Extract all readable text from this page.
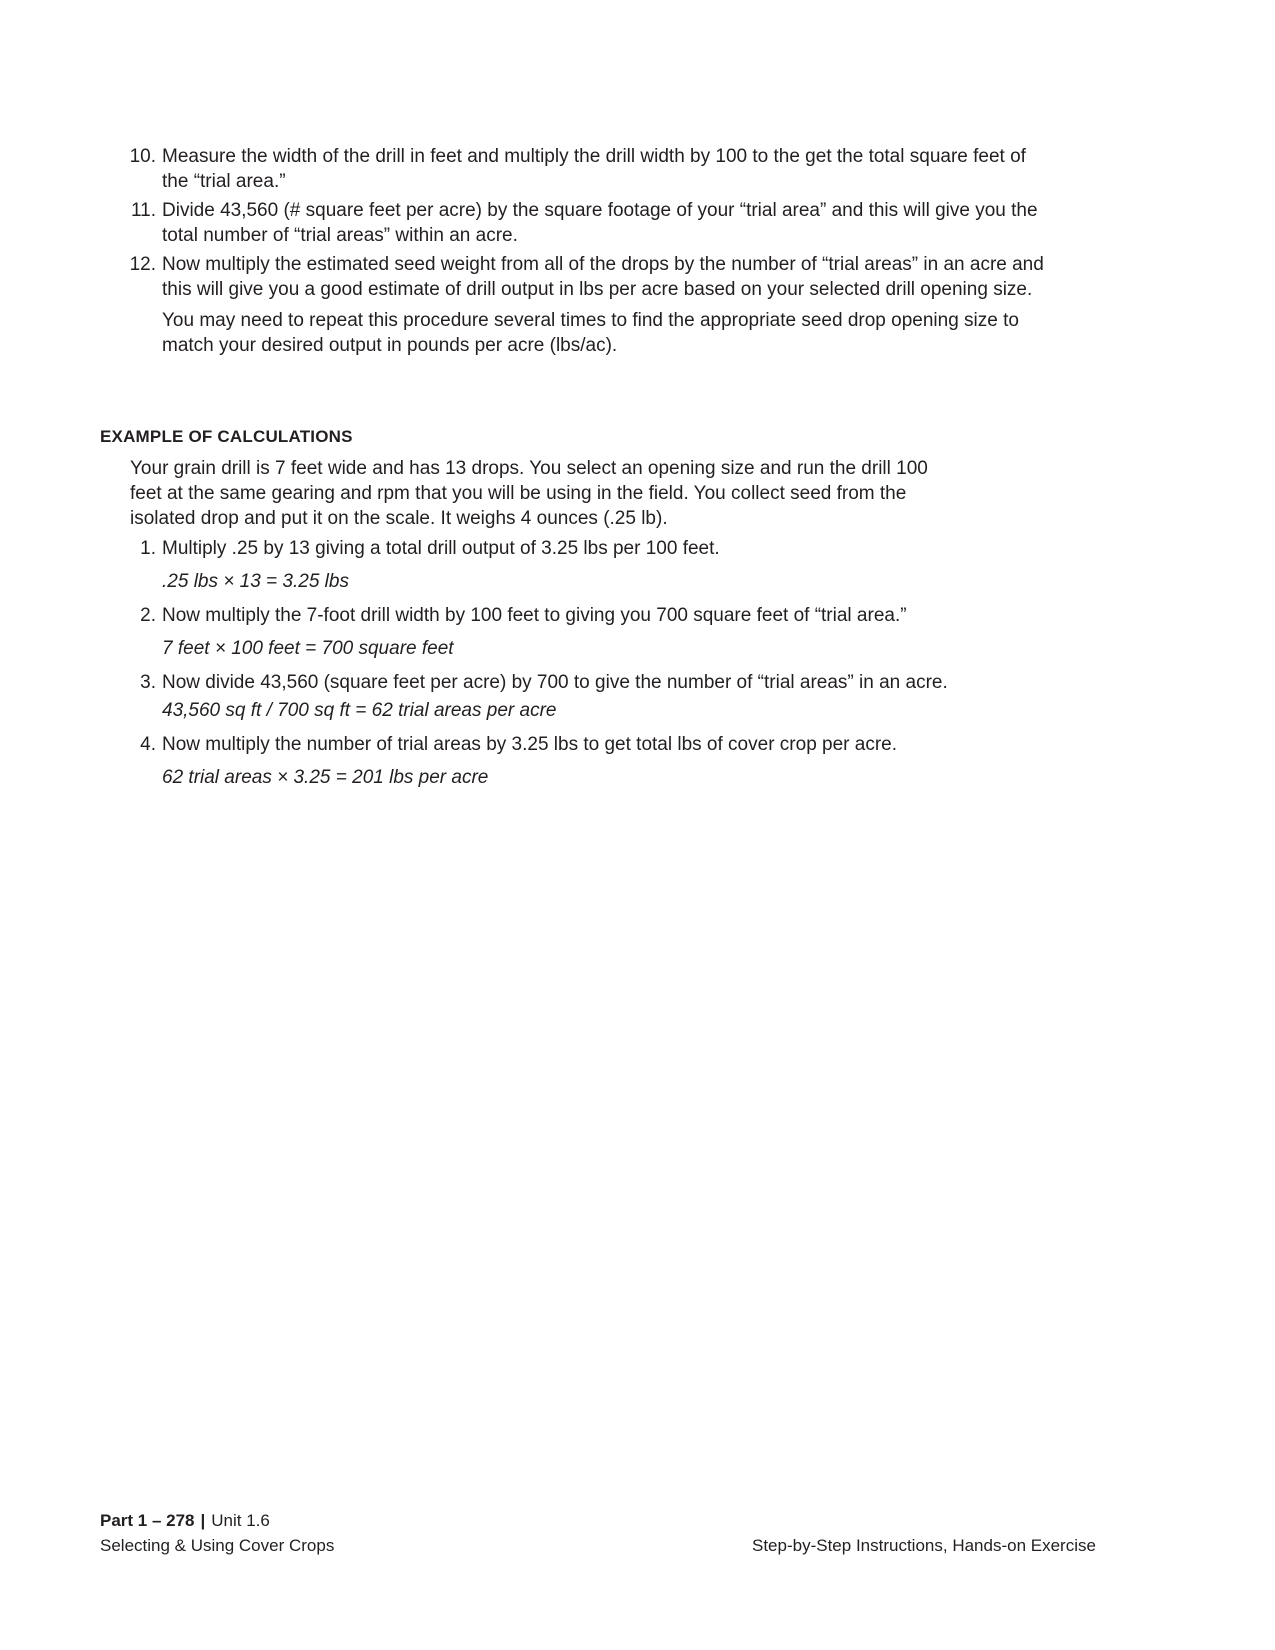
10. Measure the width of the drill in feet and multiply the drill width by 100 to the get the total square feet of the “trial area.”
11. Divide 43,560 (# square feet per acre) by the square footage of your “trial area” and this will give you the total number of “trial areas” within an acre.
12. Now multiply the estimated seed weight from all of the drops by the number of “trial areas” in an acre and this will give you a good estimate of drill output in lbs per acre based on your selected drill opening size.
You may need to repeat this procedure several times to find the appropriate seed drop opening size to match your desired output in pounds per acre (lbs/ac).
EXAMPLE OF CALCULATIONS
Your grain drill is 7 feet wide and has 13 drops. You select an opening size and run the drill 100 feet at the same gearing and rpm that you will be using in the field. You collect seed from the isolated drop and put it on the scale. It weighs 4 ounces (.25 lb).
1. Multiply .25 by 13 giving a total drill output of 3.25 lbs per 100 feet.
.25 lbs × 13 = 3.25 lbs
2. Now multiply the 7-foot drill width by 100 feet to giving you 700 square feet of “trial area.”
7 feet × 100 feet = 700 square feet
3. Now divide 43,560 (square feet per acre) by 700 to give the number of “trial areas” in an acre.
43,560 sq ft / 700 sq ft = 62 trial areas per acre
4. Now multiply the number of trial areas by 3.25 lbs to get total lbs of cover crop per acre.
62 trial areas × 3.25 = 201 lbs per acre
Part 1 – 278 | Unit 1.6
Selecting & Using Cover Crops	Step-by-Step Instructions, Hands-on Exercise
